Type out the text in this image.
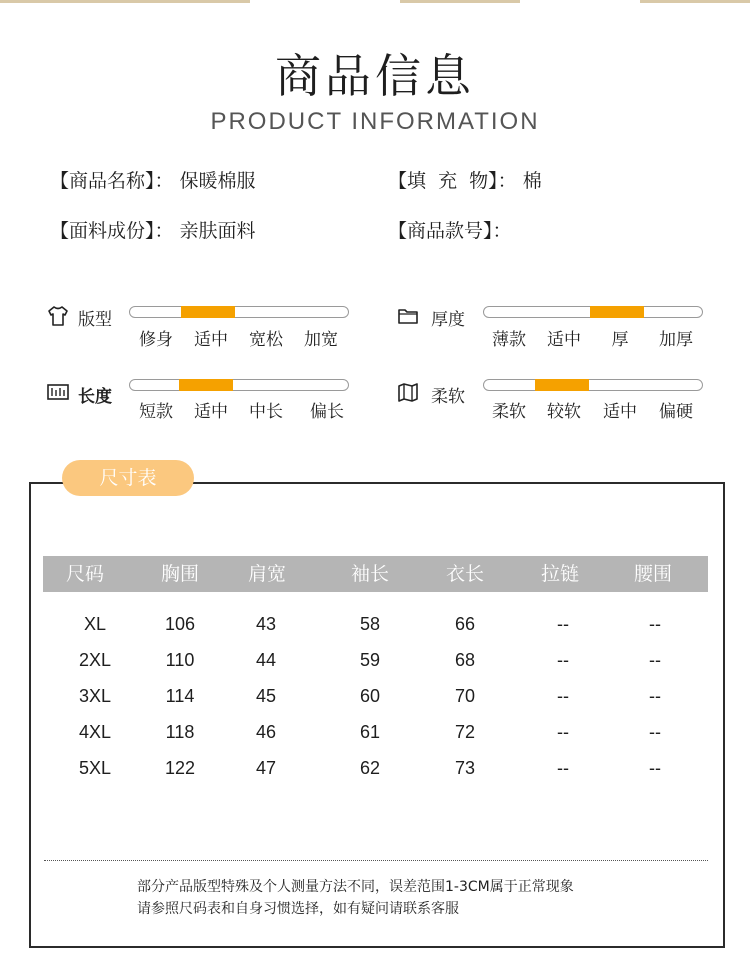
商品信息
PRODUCT INFORMATION
【商品名称】： 保暖棉服	【填  充  物】： 棉
【面料成份】： 亲肤面料	【商品款号】：
版型
修身	适中	宽松	加宽
厚度
薄款	适中	厚	加厚
长度
短款	适中	中长	偏长
柔软
柔软	较软	适中	偏硬
尺寸表
尺码	胸围	肩宽	袖长	衣长	拉链	腰围
XL	106	43	58	66	--	--
2XL	110	44	59	68	--	--
3XL	114	45	60	70	--	--
4XL	118	46	61	72	--	--
5XL	122	47	62	73	--	--
部分产品版型特殊及个人测量方法不同，误差范围1-3CM属于正常现象
请参照尺码表和自身习惯选择，如有疑问请联系客服
